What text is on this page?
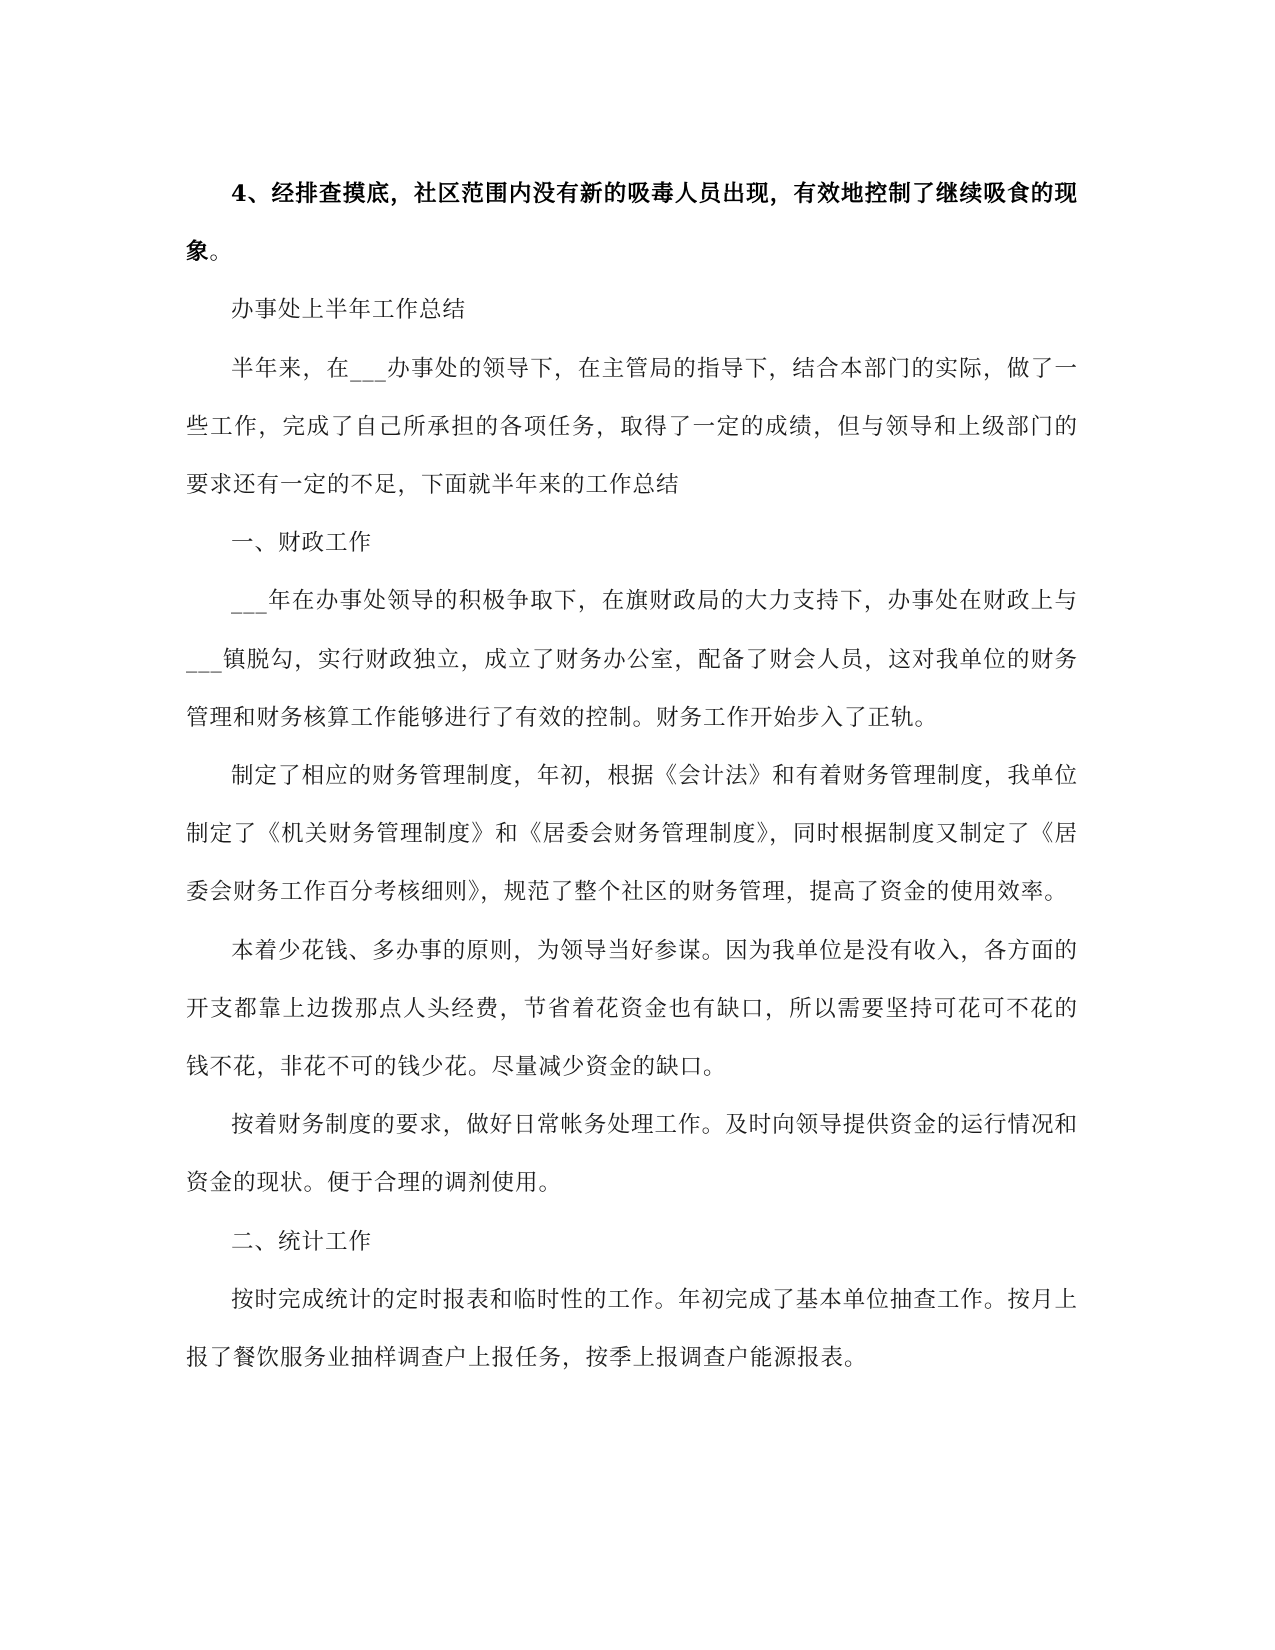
4、经排查摸底，社区范围内没有新的吸毒人员出现，有效地控制了继续吸食的现象。

办事处上半年工作总结

半年来，在___办事处的领导下，在主管局的指导下，结合本部门的实际，做了一些工作，完成了自己所承担的各项任务，取得了一定的成绩，但与领导和上级部门的要求还有一定的不足，下面就半年来的工作总结

一、财政工作

___年在办事处领导的积极争取下，在旗财政局的大力支持下，办事处在财政上与___镇脱勾，实行财政独立，成立了财务办公室，配备了财会人员，这对我单位的财务管理和财务核算工作能够进行了有效的控制。财务工作开始步入了正轨。

制定了相应的财务管理制度，年初，根据《会计法》和有着财务管理制度，我单位制定了《机关财务管理制度》和《居委会财务管理制度》，同时根据制度又制定了《居委会财务工作百分考核细则》，规范了整个社区的财务管理，提高了资金的使用效率。

本着少花钱、多办事的原则，为领导当好参谋。因为我单位是没有收入，各方面的开支都靠上边拨那点人头经费，节省着花资金也有缺口，所以需要坚持可花可不花的钱不花，非花不可的钱少花。尽量减少资金的缺口。

按着财务制度的要求，做好日常帐务处理工作。及时向领导提供资金的运行情况和资金的现状。便于合理的调剂使用。

二、统计工作

按时完成统计的定时报表和临时性的工作。年初完成了基本单位抽查工作。按月上报了餐饮服务业抽样调查户上报任务，按季上报调查户能源报表。
